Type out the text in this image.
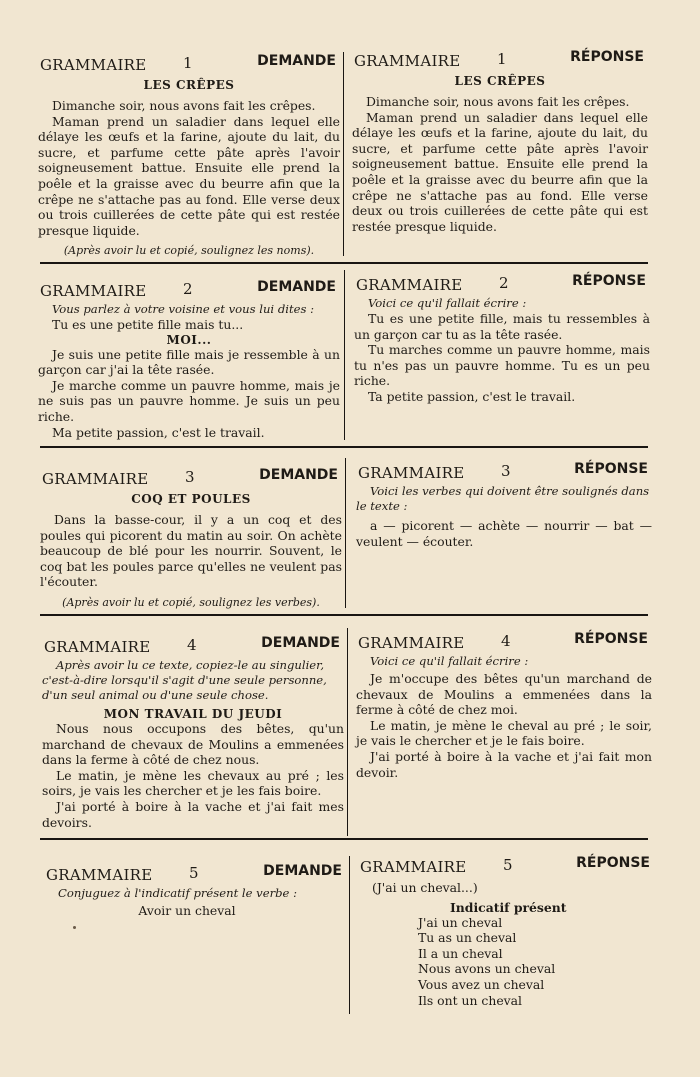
GRAMMAIRE 1	DEMANDE
LES CRÊPES

Dimanche soir, nous avons fait les crêpes.

Maman prend un saladier dans lequel elle délaye les œufs et la farine, ajoute du lait, du sucre, et parfume cette pâte après l'avoir soigneusement battue. Ensuite elle prend la poêle et la graisse avec du beurre afin que la crêpe ne s'attache pas au fond. Elle verse deux ou trois cuillerées de cette pâte qui est restée presque liquide.

(Après avoir lu et copié, soulignez les noms).
GRAMMAIRE 1	RÉPONSE
LES CRÊPES

Dimanche soir, nous avons fait les crêpes.

Maman prend un saladier dans lequel elle délaye les œufs et la farine, ajoute du lait, du sucre, et parfume cette pâte après l'avoir soigneusement battue. Ensuite elle prend la poêle et la graisse avec du beurre afin que la crêpe ne s'attache pas au fond. Elle verse deux ou trois cuillerées de cette pâte qui est restée presque liquide.

GRAMMAIRE 2	DEMANDE
Vous parlez à votre voisine et vous lui dites :
Tu es une petite fille mais tu...
MOI...

Je suis une petite fille mais je ressemble à un garçon car j'ai la tête rasée.

Je marche comme un pauvre homme, mais je ne suis pas un pauvre homme. Je suis un peu riche.

Ma petite passion, c'est le travail.

GRAMMAIRE 2	RÉPONSE
Voici ce qu'il fallait écrire :

Tu es une petite fille, mais tu ressembles à un garçon car tu as la tête rasée.

Tu marches comme un pauvre homme, mais tu n'es pas un pauvre homme. Tu es un peu riche.

Ta petite passion, c'est le travail.

GRAMMAIRE 3	DEMANDE
COQ ET POULES

Dans la basse-cour, il y a un coq et des poules qui picorent du matin au soir. On achète beaucoup de blé pour les nourrir. Souvent, le coq bat les poules parce qu'elles ne veulent pas l'écouter.

(Après avoir lu et copié, soulignez les verbes).
GRAMMAIRE 3	RÉPONSE
Voici les verbes qui doivent être soulignés dans le texte :

a — picorent — achète — nourrir — bat — veulent — écouter.

GRAMMAIRE 4	DEMANDE
Après avoir lu ce texte, copiez-le au singulier, c'est-à-dire lorsqu'il s'agit d'une seule personne, d'un seul animal ou d'une seule chose.
MON TRAVAIL DU JEUDI

Nous nous occupons des bêtes, qu'un marchand de chevaux de Moulins a emmenées dans la ferme à côté de chez nous.

Le matin, je mène les chevaux au pré ; les soirs, je vais les chercher et je les fais boire.

J'ai porté à boire à la vache et j'ai fait mes devoirs.

GRAMMAIRE 4	RÉPONSE
Voici ce qu'il fallait écrire :

Je m'occupe des bêtes qu'un marchand de chevaux de Moulins a emmenées dans la ferme à côté de chez moi.

Le matin, je mène le cheval au pré ; le soir, je vais le chercher et je le fais boire.

J'ai porté à boire à la vache et j'ai fait mon devoir.

GRAMMAIRE 5	DEMANDE
Conjuguez à l'indicatif présent le verbe :
Avoir un cheval
GRAMMAIRE 5	RÉPONSE
(J'ai un cheval...)
Indicatif présent
J'ai un cheval
Tu as un cheval
Il a un cheval
Nous avons un cheval
Vous avez un cheval
Ils ont un cheval
